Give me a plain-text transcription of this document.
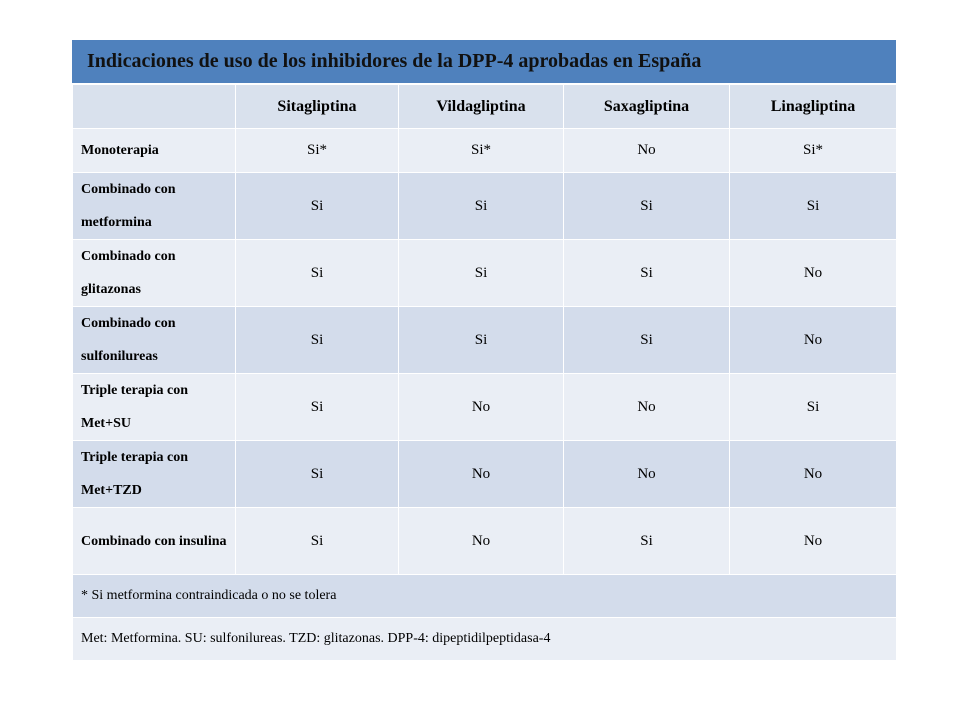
Indicaciones de uso de los inhibidores de la DPP-4 aprobadas en España
	Sitagliptina	Vildagliptina	Saxagliptina	Linagliptina
Monoterapia	Si*	Si*	No	Si*
Combinado con metformina	Si	Si	Si	Si
Combinado con glitazonas	Si	Si	Si	No
Combinado con sulfonilureas	Si	Si	Si	No
Triple terapia con Met+SU	Si	No	No	Si
Triple terapia con Met+TZD	Si	No	No	No
Combinado con insulina	Si	No	Si	No
* Si metformina contraindicada o no se tolera				
Met: Metformina. SU: sulfonilureas. TZD: glitazonas. DPP-4: dipeptidilpeptidasa-4				
